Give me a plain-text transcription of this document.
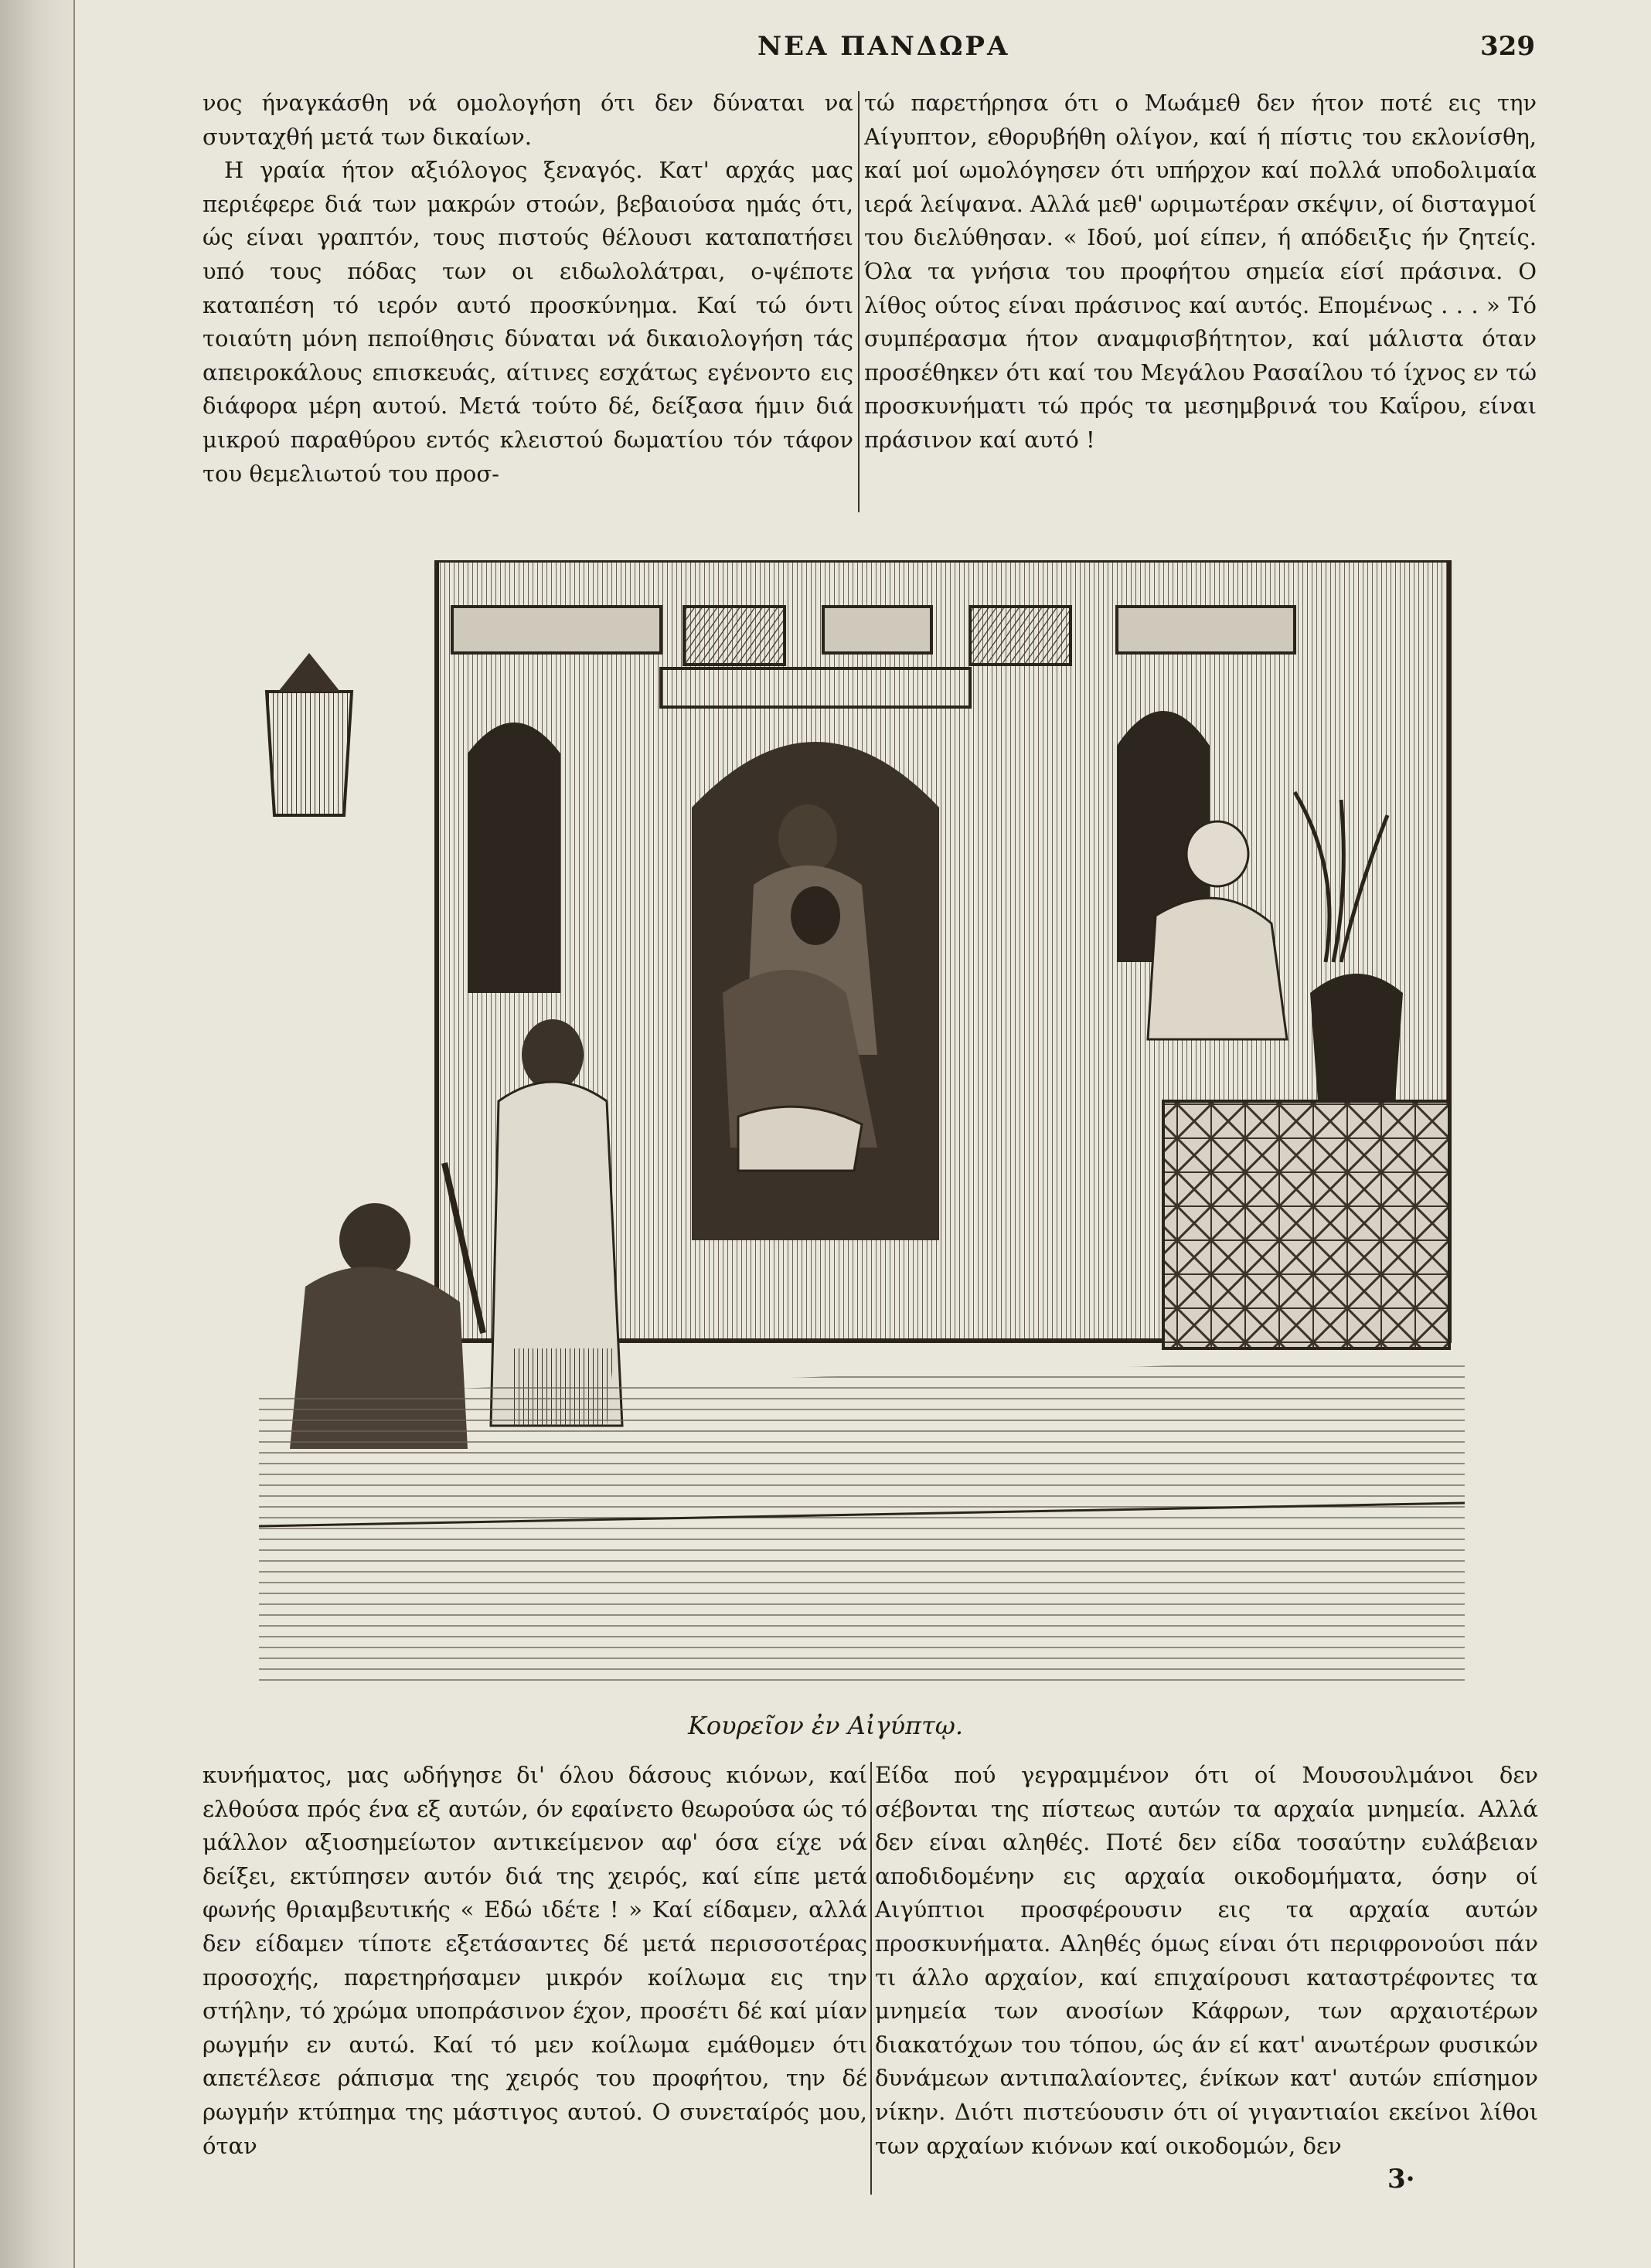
ΝΕΑ ΠΑΝΔΩΡΑ	329

νος ήναγκάσθη νά ομολογήση ότι δεν δύναται να συνταχθή μετά των δικαίων.

Η γραία ήτον αξιόλογος ξεναγός. Κατ' αρχάς μας περιέφερε διά των μακρών στοών, βεβαιούσα ημάς ότι, ώς είναι γραπτόν, τους πιστούς θέλουσι καταπατήσει υπό τους πόδας των οι ειδωλολάτραι, ο-ψέποτε καταπέση τό ιερόν αυτό προσκύνημα. Καί τώ όντι τοιαύτη μόνη πεποίθησις δύναται νά δικαιολογήση τάς απειροκάλους επισκευάς, αίτινες εσχάτως εγένοντο εις διάφορα μέρη αυτού. Μετά τούτο δέ, δείξασα ήμιν διά μικρού παραθύρου εντός κλειστού δωματίου τόν τάφον του θεμελιωτού του προσ-

τώ παρετήρησα ότι ο Μωάμεθ δεν ήτον ποτέ εις την Αίγυπτον, εθορυβήθη ολίγον, καί ή πίστις του εκλονίσθη, καί μοί ωμολόγησεν ότι υπήρχον καί πολλά υποδολιμαία ιερά λείψανα. Αλλά μεθ' ωριμωτέραν σκέψιν, οί δισταγμοί του διελύθησαν. « Ιδού, μοί είπεν, ή απόδειξις ήν ζητείς. Όλα τα γνήσια του προφήτου σημεία είσί πράσινα. Ο λίθος ούτος είναι πράσινος καί αυτός. Επομένως . . . » Τό συμπέρασμα ήτον αναμφισβήτητον, καί μάλιστα όταν προσέθηκεν ότι καί του Μεγάλου Ρασαίλου τό ίχνος εν τώ προσκυνήματι τώ πρός τα μεσημβρινά του Καΐρου, είναι πράσινον καί αυτό !

Κουρεῖον ἐν Αἰγύπτῳ.

κυνήματος, μας ωδήγησε δι' όλου δάσους κιόνων, καί ελθούσα πρός ένα εξ αυτών, όν εφαίνετο θεωρούσα ώς τό μάλλον αξιοσημείωτον αντικείμενον αφ' όσα είχε νά δείξει, εκτύπησεν αυτόν διά της χειρός, καί είπε μετά φωνής θριαμβευτικής « Εδώ ιδέτε ! » Καί είδαμεν, αλλά δεν είδαμεν τίποτε εξετάσαντες δέ μετά περισσοτέρας προσοχής, παρετηρήσαμεν μικρόν κοίλωμα εις την στήλην, τό χρώμα υποπράσινον έχον, προσέτι δέ καί μίαν ρωγμήν εν αυτώ. Καί τό μεν κοίλωμα εμάθομεν ότι απετέλεσε ράπισμα της χειρός του προφήτου, την δέ ρωγμήν κτύπημα της μάστιγος αυτού. Ο συνεταίρός μου, όταν

Είδα πού γεγραμμένον ότι οί Μουσουλμάνοι δεν σέβονται της πίστεως αυτών τα αρχαία μνημεία. Αλλά δεν είναι αληθές. Ποτέ δεν είδα τοσαύτην ευλάβειαν αποδιδομένην εις αρχαία οικοδομήματα, όσην οί Αιγύπτιοι προσφέρουσιν εις τα αρχαία αυτών προσκυνήματα. Αληθές όμως είναι ότι περιφρονούσι πάν τι άλλο αρχαίον, καί επιχαίρουσι καταστρέφοντες τα μνημεία των ανοσίων Κάφρων, των αρχαιοτέρων διακατόχων του τόπου, ώς άν εί κατ' ανωτέρων φυσικών δυνάμεων αντιπαλαίοντες, ένίκων κατ' αυτών επίσημον νίκην. Διότι πιστεύουσιν ότι οί γιγαντιαίοι εκείνοι λίθοι των αρχαίων κιόνων καί οικοδομών, δεν

3·
